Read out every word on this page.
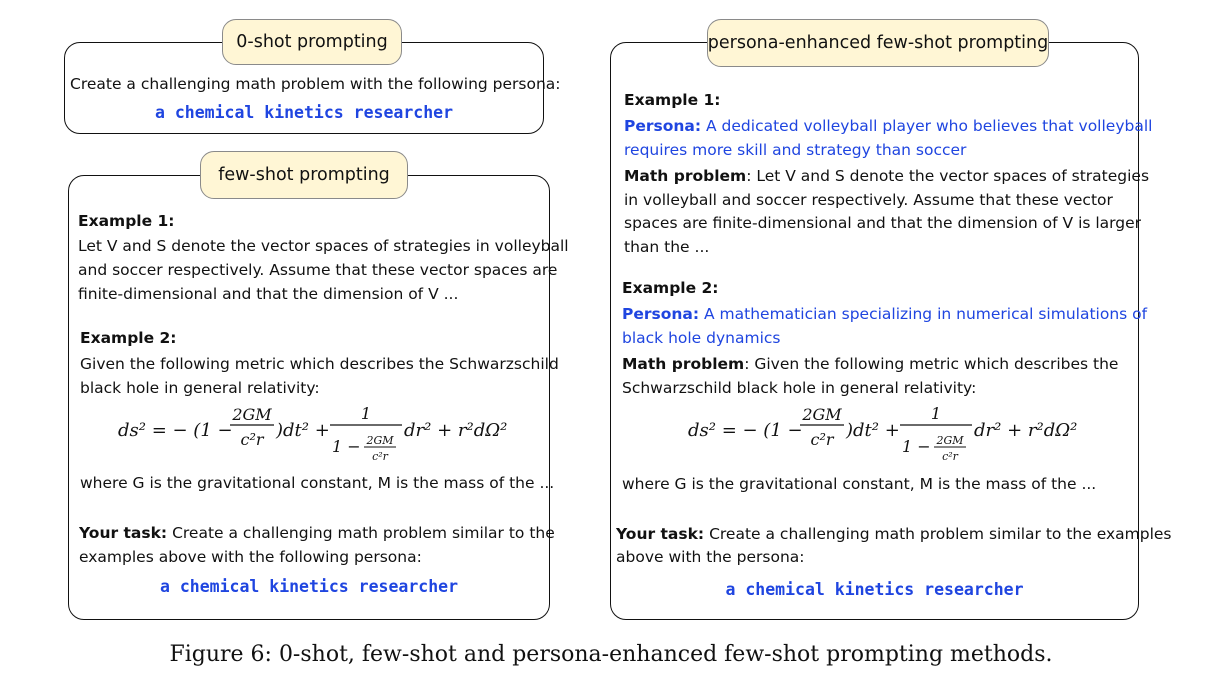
0-shot prompting
Create a challenging math problem with the following persona:
a chemical kinetics researcher
few-shot prompting
Example 1:
Let V and S denote the vector spaces of strategies in volleyball
and soccer respectively. Assume that these vector spaces are
finite-dimensional and that the dimension of V ...
Example 2:
Given the following metric which describes the Schwarzschild
black hole in general relativity:
ds² = − (1 −
2GM
c²r )dt² +
1
1 − 2GM
c²r
dr² + r²dΩ²
where G is the gravitational constant, M is the mass of the ...
Your task: Create a challenging math problem similar to the
examples above with the following persona:
a chemical kinetics researcher
persona-enhanced few-shot prompting
Example 1:
Persona: A dedicated volleyball player who believes that volleyball
requires more skill and strategy than soccer
Math problem: Let V and S denote the vector spaces of strategies
in volleyball and soccer respectively. Assume that these vector
spaces are finite-dimensional and that the dimension of V is larger
than the ...
Example 2:
Persona: A mathematician specializing in numerical simulations of
black hole dynamics
Math problem: Given the following metric which describes the
Schwarzschild black hole in general relativity:
ds² = − (1 −
2GM
c²r )dt² +
1
1 − 2GM
c²r
dr² + r²dΩ²
where G is the gravitational constant, M is the mass of the ...
Your task: Create a challenging math problem similar to the examples
above with the persona:
a chemical kinetics researcher
Figure 6: 0-shot, few-shot and persona-enhanced few-shot prompting methods.
